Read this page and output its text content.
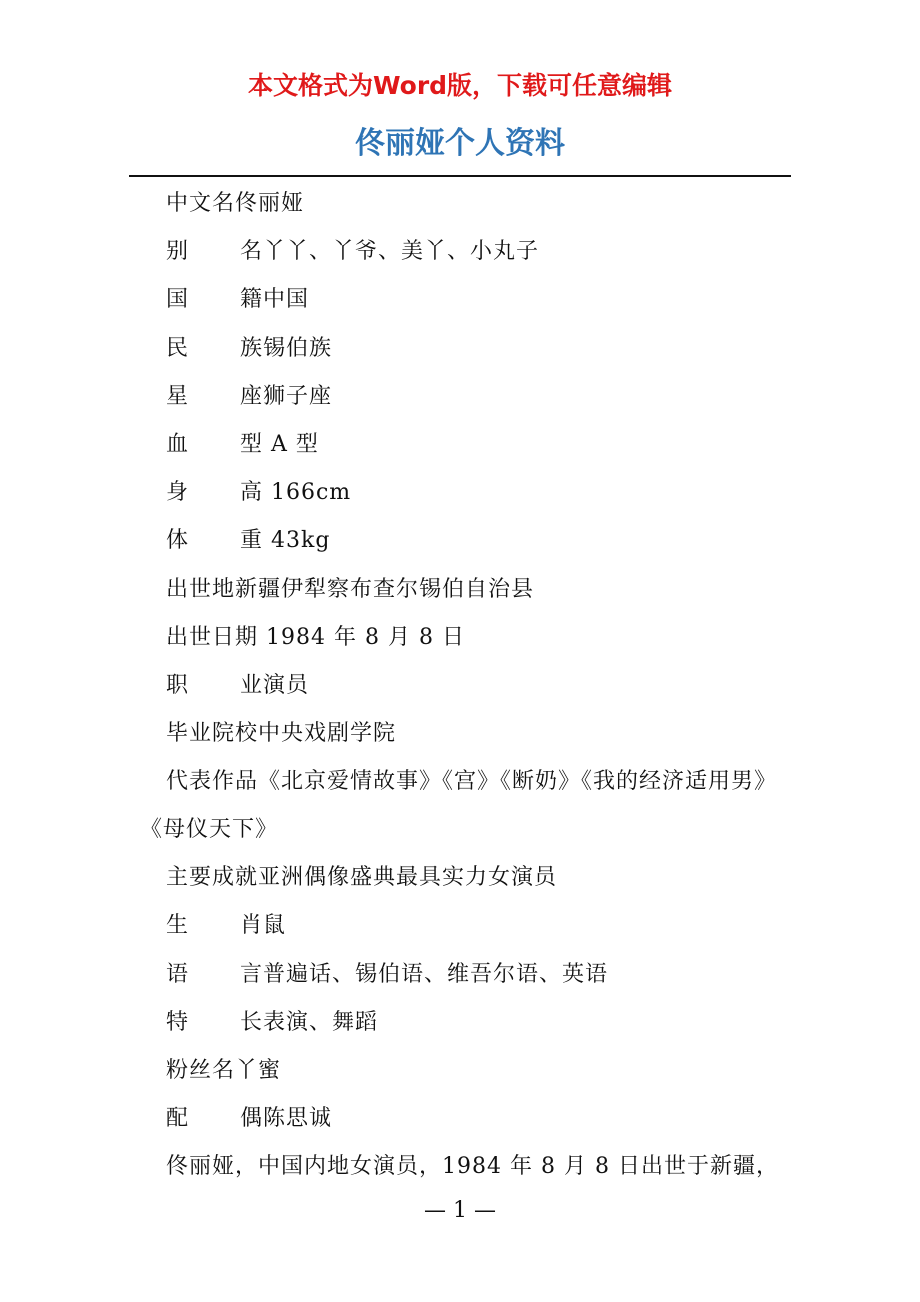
本文格式为Word版，下载可任意编辑
佟丽娅个人资料
中文名佟丽娅
别 名丫丫、丫爷、美丫、小丸子
国 籍中国
民 族锡伯族
星 座狮子座
血 型 A 型
身 高 166cm
体 重 43kg
出世地新疆伊犁察布查尔锡伯自治县
出世日期 1984 年 8 月 8 日
职 业演员
毕业院校中央戏剧学院
代表作品《北京爱情故事》《宫》《断奶》《我的经济适用男》《母仪天下》
主要成就亚洲偶像盛典最具实力女演员
生 肖鼠
语 言普遍话、锡伯语、维吾尔语、英语
特 长表演、舞蹈
粉丝名丫蜜
配 偶陈思诚
佟丽娅，中国内地女演员，1984 年 8 月 8 日出世于新疆，
— 1 —
